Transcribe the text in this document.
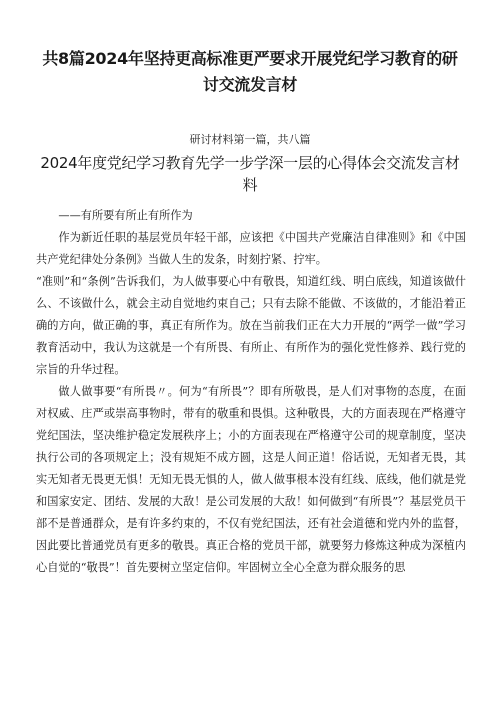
共8篇2024年坚持更高标准更严要求开展党纪学习教育的研讨交流发言材
研讨材料第一篇，共八篇
2024年度党纪学习教育先学一步学深一层的心得体会交流发言材料

——有所要有所止有所作为

作为新近任职的基层党员年轻干部，应该把《中国共产党廉洁自律准则》和《中国共产党纪律处分条例》当做人生的发条，时刻拧紧、拧牢。

“准则”和“条例”告诉我们，为人做事要心中有敬畏，知道红线、明白底线，知道该做什么、不该做什么，就会主动自觉地约束自己；只有去除不能做、不该做的，才能沿着正确的方向，做正确的事，真正有所作为。放在当前我们正在大力开展的“两学一做”学习教育活动中，我认为这就是一个有所畏、有所止、有所作为的强化党性修养、践行党的宗旨的升华过程。

做人做事要“有所畏〃。何为“有所畏”？即有所敬畏，是人们对事物的态度，在面对权威、庄严或崇高事物时，带有的敬重和畏惧。这种敬畏，大的方面表现在严格遵守党纪国法，坚决维护稳定发展秩序上；小的方面表现在严格遵守公司的规章制度，坚决执行公司的各项规定上；没有规矩不成方圆，这是人间正道！俗话说，无知者无畏，其实无知者无畏更无惧！无知无畏无惧的人，做人做事根本没有红线、底线，他们就是党和国家安定、团结、发展的大敌！是公司发展的大敌！如何做到“有所畏”？基层党员干部不是普通群众，是有许多约束的，不仅有党纪国法，还有社会道德和党内外的监督，因此要比普通党员有更多的敬畏。真正合格的党员干部，就要努力修炼这种成为深植内心自觉的“敬畏”！首先要树立坚定信仰。牢固树立全心全意为群众服务的思
